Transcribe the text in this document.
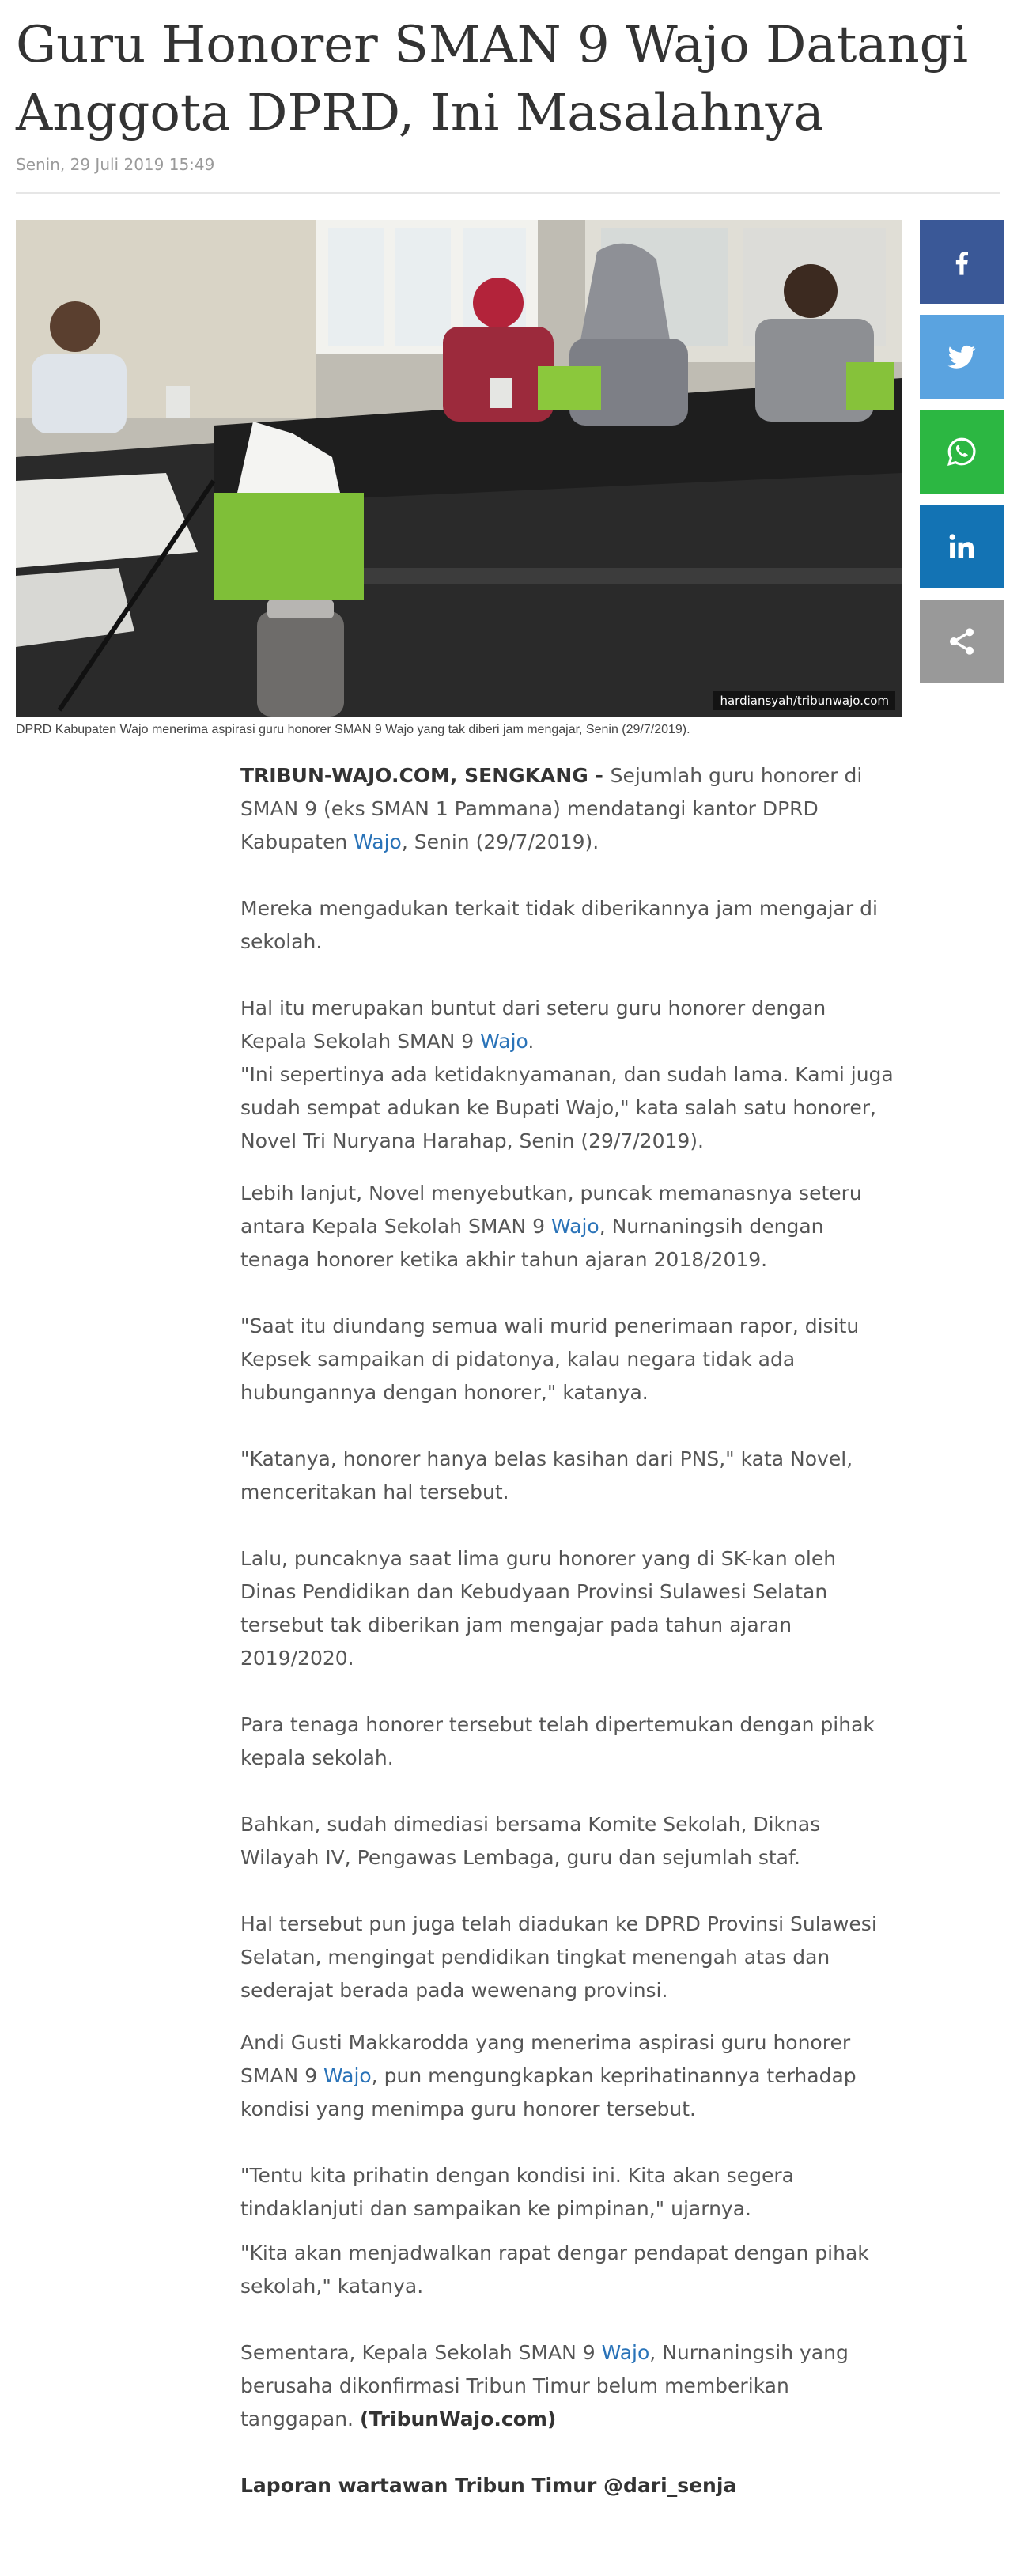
Guru Honorer SMAN 9 Wajo Datangi Anggota DPRD, Ini Masalahnya
Senin, 29 Juli 2019 15:49
hardiansyah/tribunwajo.com
DPRD Kabupaten Wajo menerima aspirasi guru honorer SMAN 9 Wajo yang tak diberi jam mengajar, Senin (29/7/2019).

TRIBUN-WAJO.COM, SENGKANG - Sejumlah guru honorer di SMAN 9 (eks SMAN 1 Pammana) mendatangi kantor DPRD Kabupaten Wajo, Senin (29/7/2019).

Mereka mengadukan terkait tidak diberikannya jam mengajar di sekolah.

Hal itu merupakan buntut dari seteru guru honorer dengan Kepala Sekolah SMAN 9 Wajo.

"Ini sepertinya ada ketidaknyamanan, dan sudah lama. Kami juga sudah sempat adukan ke Bupati Wajo," kata salah satu honorer, Novel Tri Nuryana Harahap, Senin (29/7/2019).

Lebih lanjut, Novel menyebutkan, puncak memanasnya seteru antara Kepala Sekolah SMAN 9 Wajo, Nurnaningsih dengan tenaga honorer ketika akhir tahun ajaran 2018/2019.

"Saat itu diundang semua wali murid penerimaan rapor, disitu Kepsek sampaikan di pidatonya, kalau negara tidak ada hubungannya dengan honorer," katanya.

"Katanya, honorer hanya belas kasihan dari PNS," kata Novel, menceritakan hal tersebut.

Lalu, puncaknya saat lima guru honorer yang di SK-kan oleh Dinas Pendidikan dan Kebudyaan Provinsi Sulawesi Selatan tersebut tak diberikan jam mengajar pada tahun ajaran 2019/2020.

Para tenaga honorer tersebut telah dipertemukan dengan pihak kepala sekolah.

Bahkan, sudah dimediasi bersama Komite Sekolah, Diknas Wilayah IV, Pengawas Lembaga, guru dan sejumlah staf.

Hal tersebut pun juga telah diadukan ke DPRD Provinsi Sulawesi Selatan, mengingat pendidikan tingkat menengah atas dan sederajat berada pada wewenang provinsi.

Andi Gusti Makkarodda yang menerima aspirasi guru honorer SMAN 9 Wajo, pun mengungkapkan keprihatinannya terhadap kondisi yang menimpa guru honorer tersebut.

"Tentu kita prihatin dengan kondisi ini. Kita akan segera tindaklanjuti dan sampaikan ke pimpinan," ujarnya.

"Kita akan menjadwalkan rapat dengar pendapat dengan pihak sekolah," katanya.

Sementara, Kepala Sekolah SMAN 9 Wajo, Nurnaningsih yang berusaha dikonfirmasi Tribun Timur belum memberikan tanggapan. (TribunWajo.com)

Laporan wartawan Tribun Timur @dari_senja
